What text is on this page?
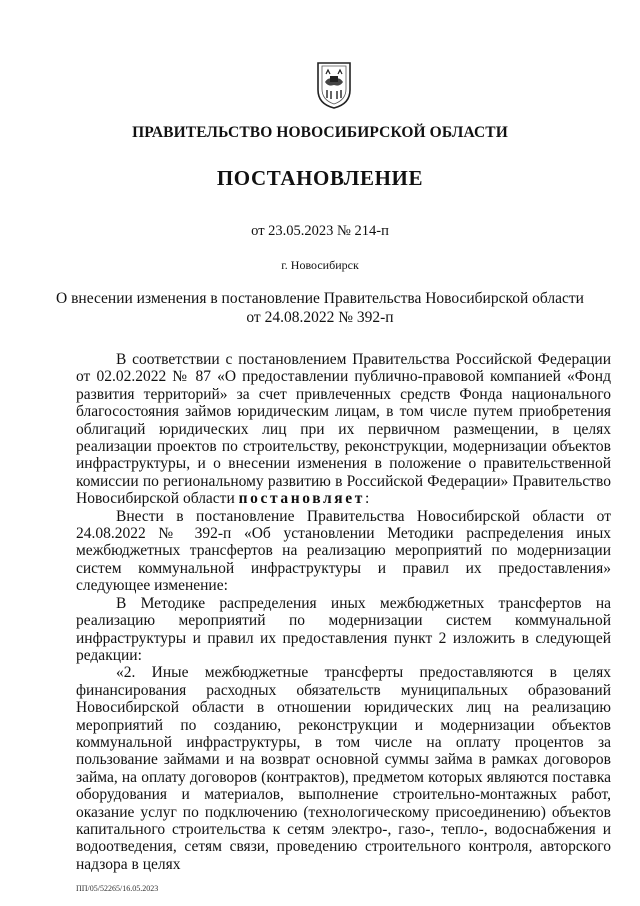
ПРАВИТЕЛЬСТВО НОВОСИБИРСКОЙ ОБЛАСТИ
ПОСТАНОВЛЕНИЕ
от 23.05.2023 № 214-п
г. Новосибирск
О внесении изменения в постановление Правительства Новосибирской области
от 24.08.2022 № 392-п

В соответствии с постановлением Правительства Российской Федерации от 02.02.2022 № 87 «О предоставлении публично-правовой компанией «Фонд развития территорий» за счет привлеченных средств Фонда национального благосостояния займов юридическим лицам, в том числе путем приобретения облигаций юридических лиц при их первичном размещении, в целях реализации проектов по строительству, реконструкции, модернизации объектов инфраструктуры, и о внесении изменения в положение о правительственной комиссии по региональному развитию в Российской Федерации» Правительство Новосибирской области постановляет:

Внести в постановление Правительства Новосибирской области от 24.08.2022 № 392-п «Об установлении Методики распределения иных межбюджетных трансфертов на реализацию мероприятий по модернизации систем коммунальной инфраструктуры и правил их предоставления» следующее изменение:

В Методике распределения иных межбюджетных трансфертов на реализацию мероприятий по модернизации систем коммунальной инфраструктуры и правил их предоставления пункт 2 изложить в следующей редакции:

«2. Иные межбюджетные трансферты предоставляются в целях финансирования расходных обязательств муниципальных образований Новосибирской области в отношении юридических лиц на реализацию мероприятий по созданию, реконструкции и модернизации объектов коммунальной инфраструктуры, в том числе на оплату процентов за пользование займами и на возврат основной суммы займа в рамках договоров займа, на оплату договоров (контрактов), предметом которых являются поставка оборудования и материалов, выполнение строительно-монтажных работ, оказание услуг по подключению (технологическому присоединению) объектов капитального строительства к сетям электро-, газо-, тепло-, водоснабжения и водоотведения, сетям связи, проведению строительного контроля, авторского надзора в целях

ПП/05/52265/16.05.2023
